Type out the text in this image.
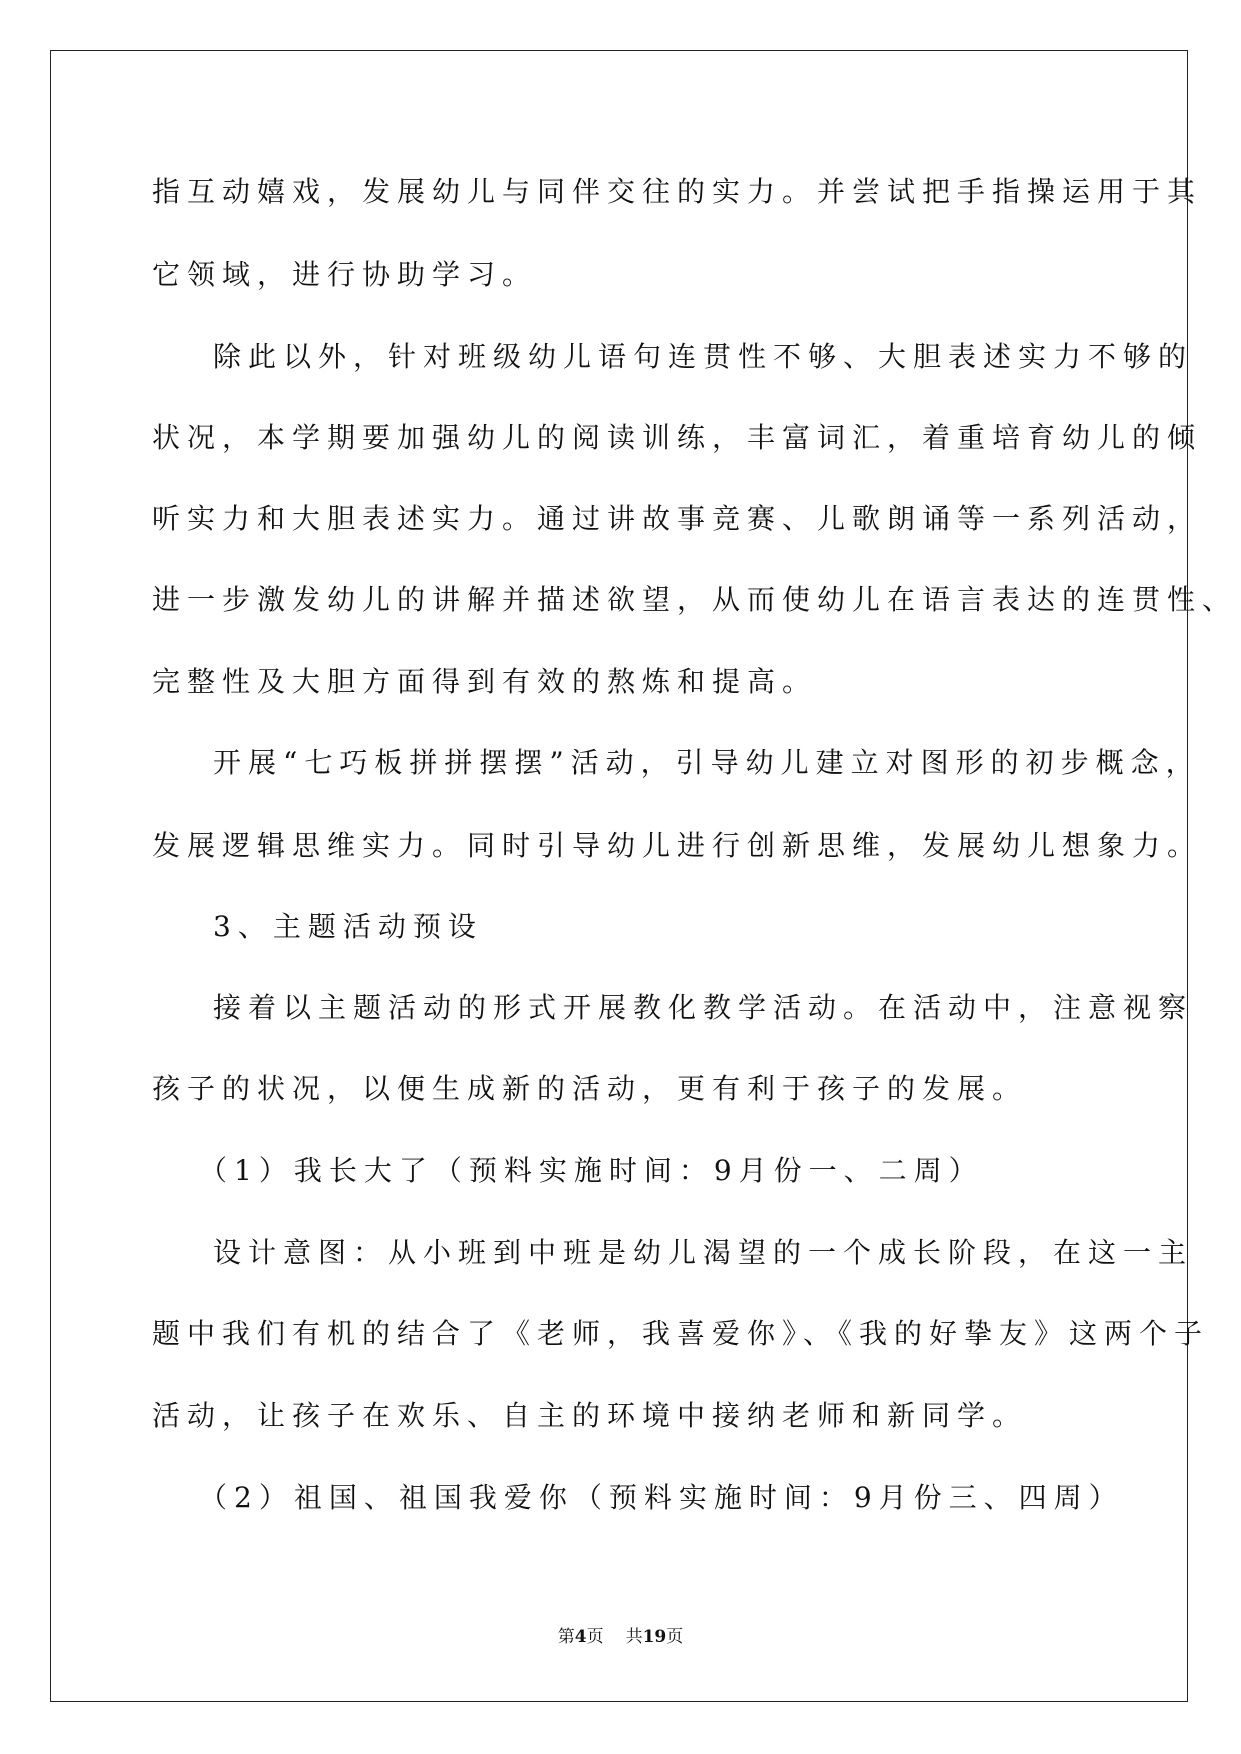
指互动嬉戏，发展幼儿与同伴交往的实力。并尝试把手指操运用于其
它领域，进行协助学习。
除此以外，针对班级幼儿语句连贯性不够、大胆表述实力不够的
状况，本学期要加强幼儿的阅读训练，丰富词汇，着重培育幼儿的倾
听实力和大胆表述实力。通过讲故事竞赛、儿歌朗诵等一系列活动，
进一步激发幼儿的讲解并描述欲望，从而使幼儿在语言表达的连贯性、
完整性及大胆方面得到有效的熬炼和提高。
开展“七巧板拼拼摆摆”活动，引导幼儿建立对图形的初步概念，
发展逻辑思维实力。同时引导幼儿进行创新思维，发展幼儿想象力。
3、主题活动预设
接着以主题活动的形式开展教化教学活动。在活动中，注意视察
孩子的状况，以便生成新的活动，更有利于孩子的发展。
（1）我长大了（预料实施时间：9月份一、二周）
设计意图：从小班到中班是幼儿渴望的一个成长阶段，在这一主
题中我们有机的结合了《老师，我喜爱你》、《我的好挚友》这两个子
活动，让孩子在欢乐、自主的环境中接纳老师和新同学。
（2）祖国、祖国我爱你（预料实施时间：9月份三、四周）
第4页 共19页
